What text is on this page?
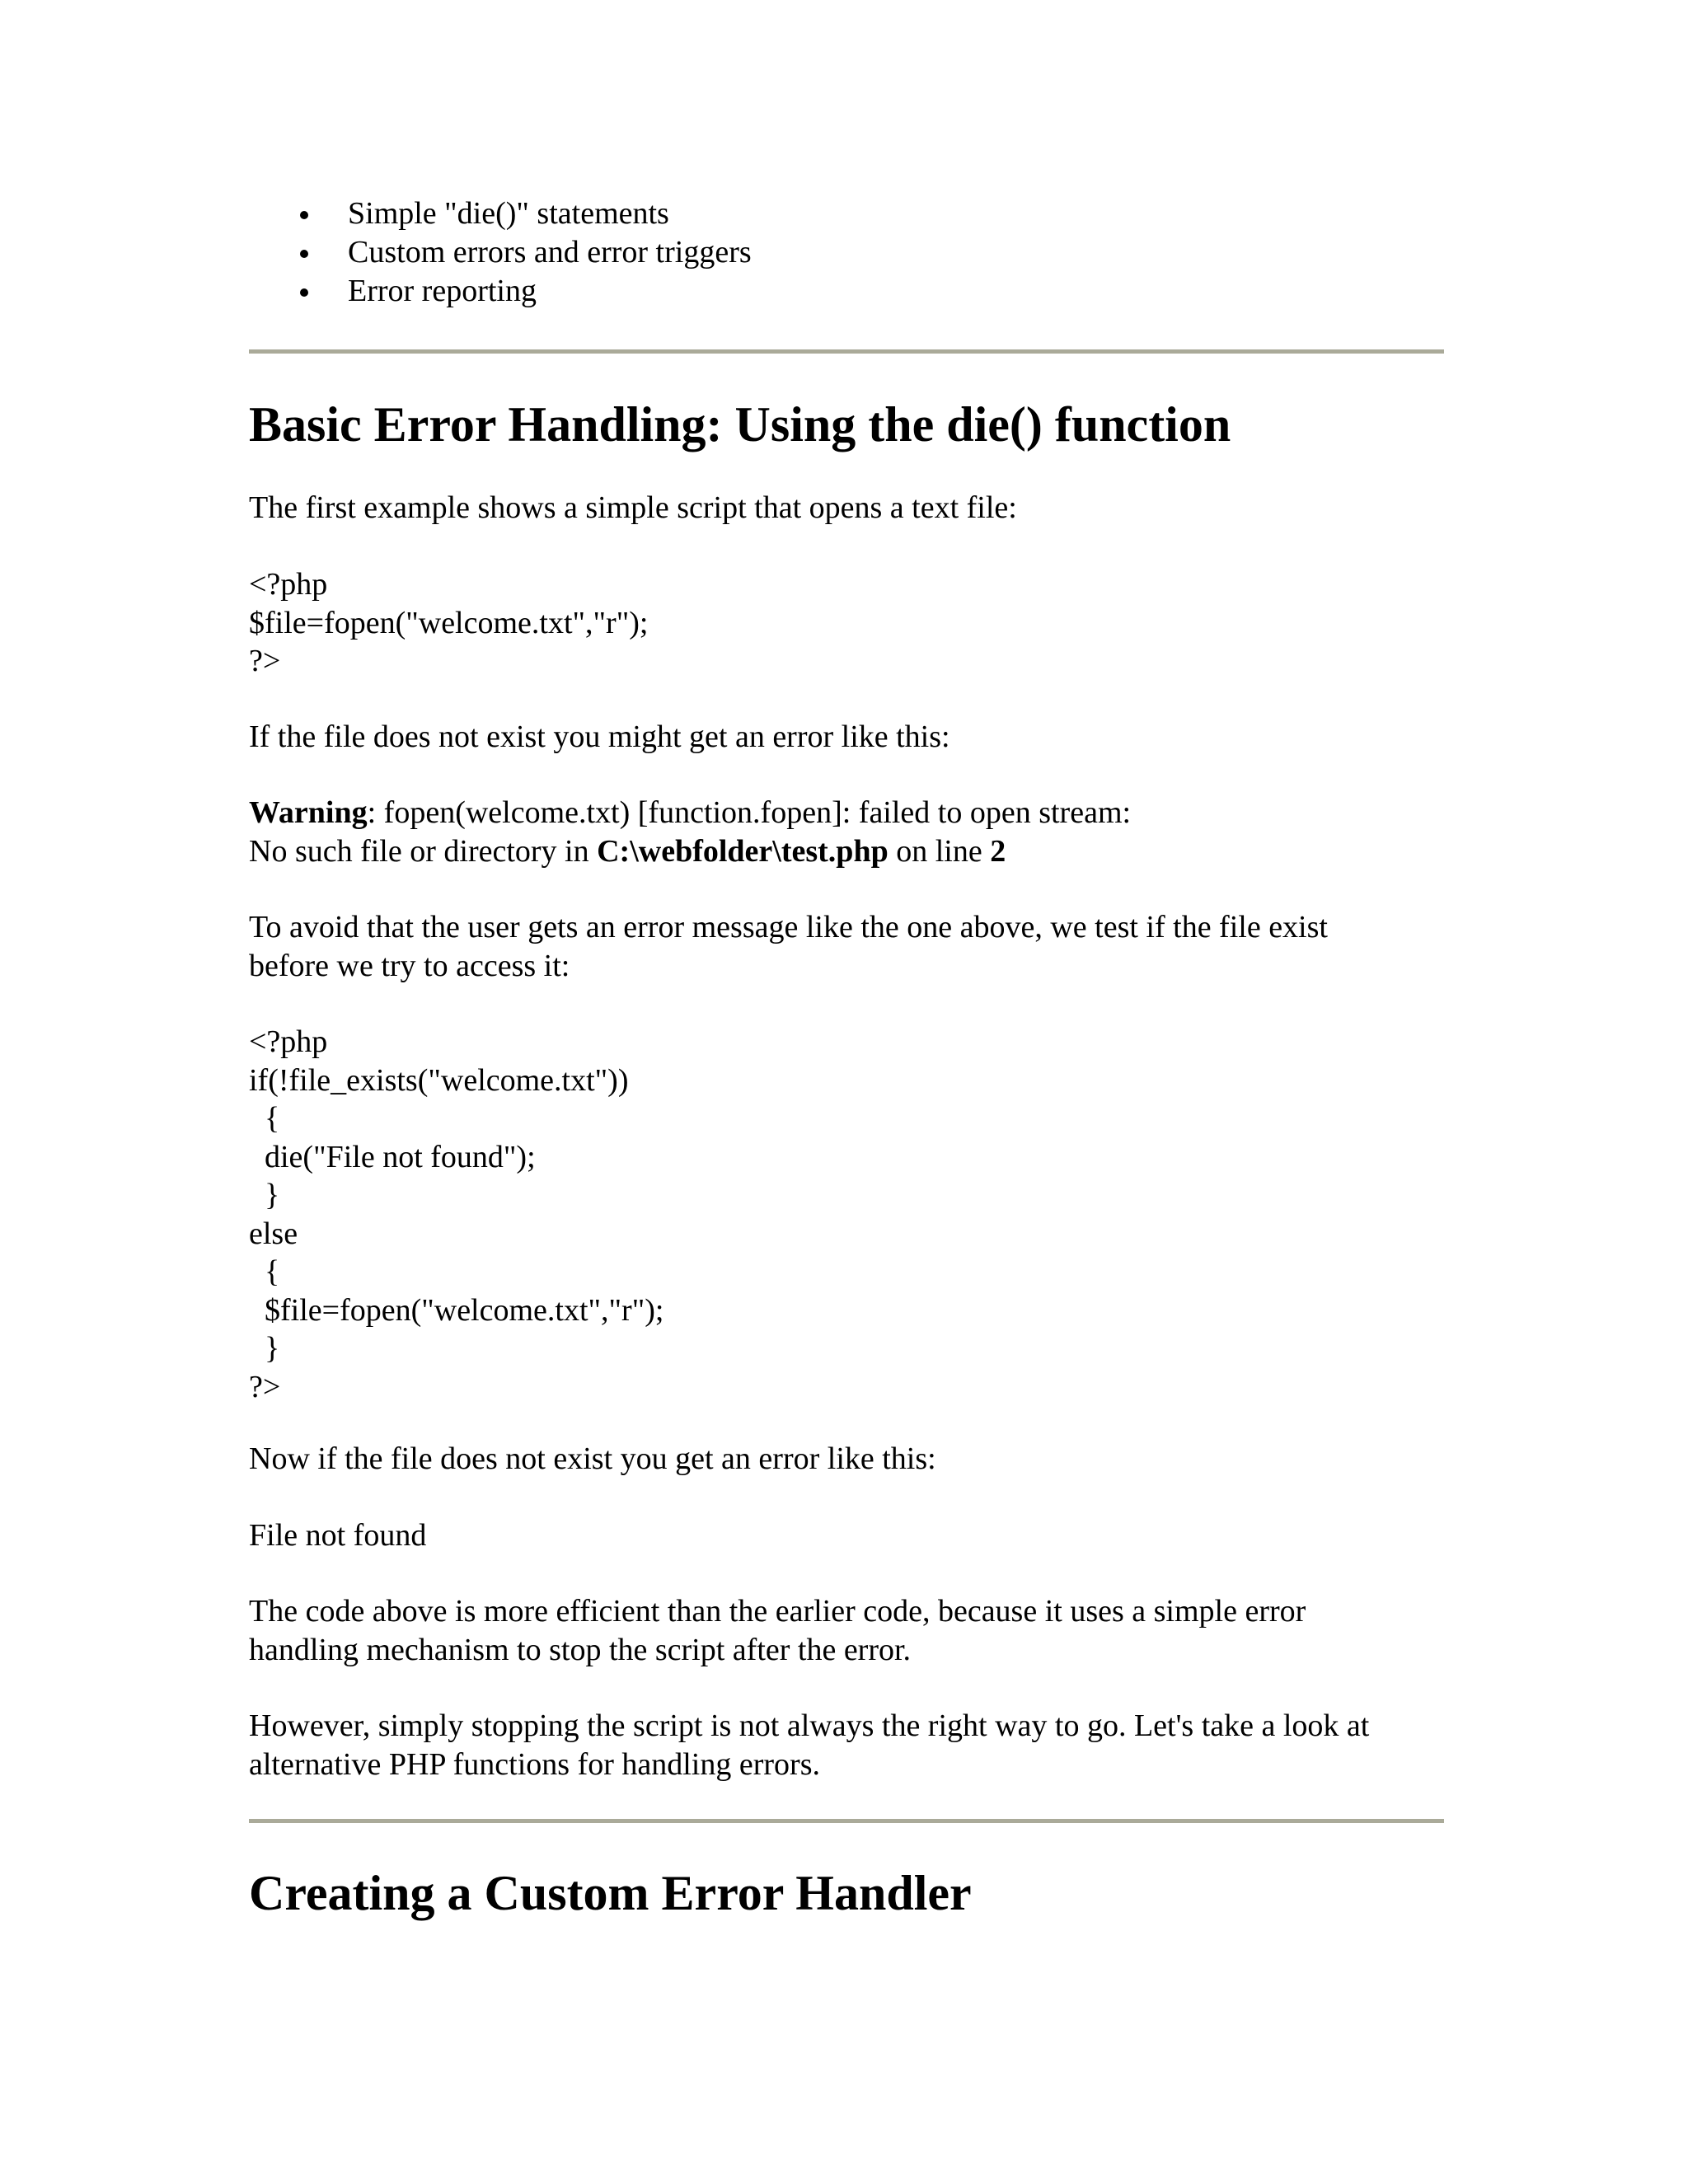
Simple "die()" statements
Custom errors and error triggers
Error reporting
Basic Error Handling: Using the die() function

The first example shows a simple script that opens a text file:

<?php
$file=fopen("welcome.txt","r");
?>

If the file does not exist you might get an error like this:

Warning: fopen(welcome.txt) [function.fopen]: failed to open stream:
No such file or directory in C:\webfolder\test.php on line 2

To avoid that the user gets an error message like the one above, we test if the file exist
before we try to access it:

<?php
if(!file_exists("welcome.txt"))
{
die("File not found");
}
else
{
$file=fopen("welcome.txt","r");
}
?>

Now if the file does not exist you get an error like this:

File not found

The code above is more efficient than the earlier code, because it uses a simple error
handling mechanism to stop the script after the error.

However, simply stopping the script is not always the right way to go. Let's take a look at
alternative PHP functions for handling errors.

Creating a Custom Error Handler
